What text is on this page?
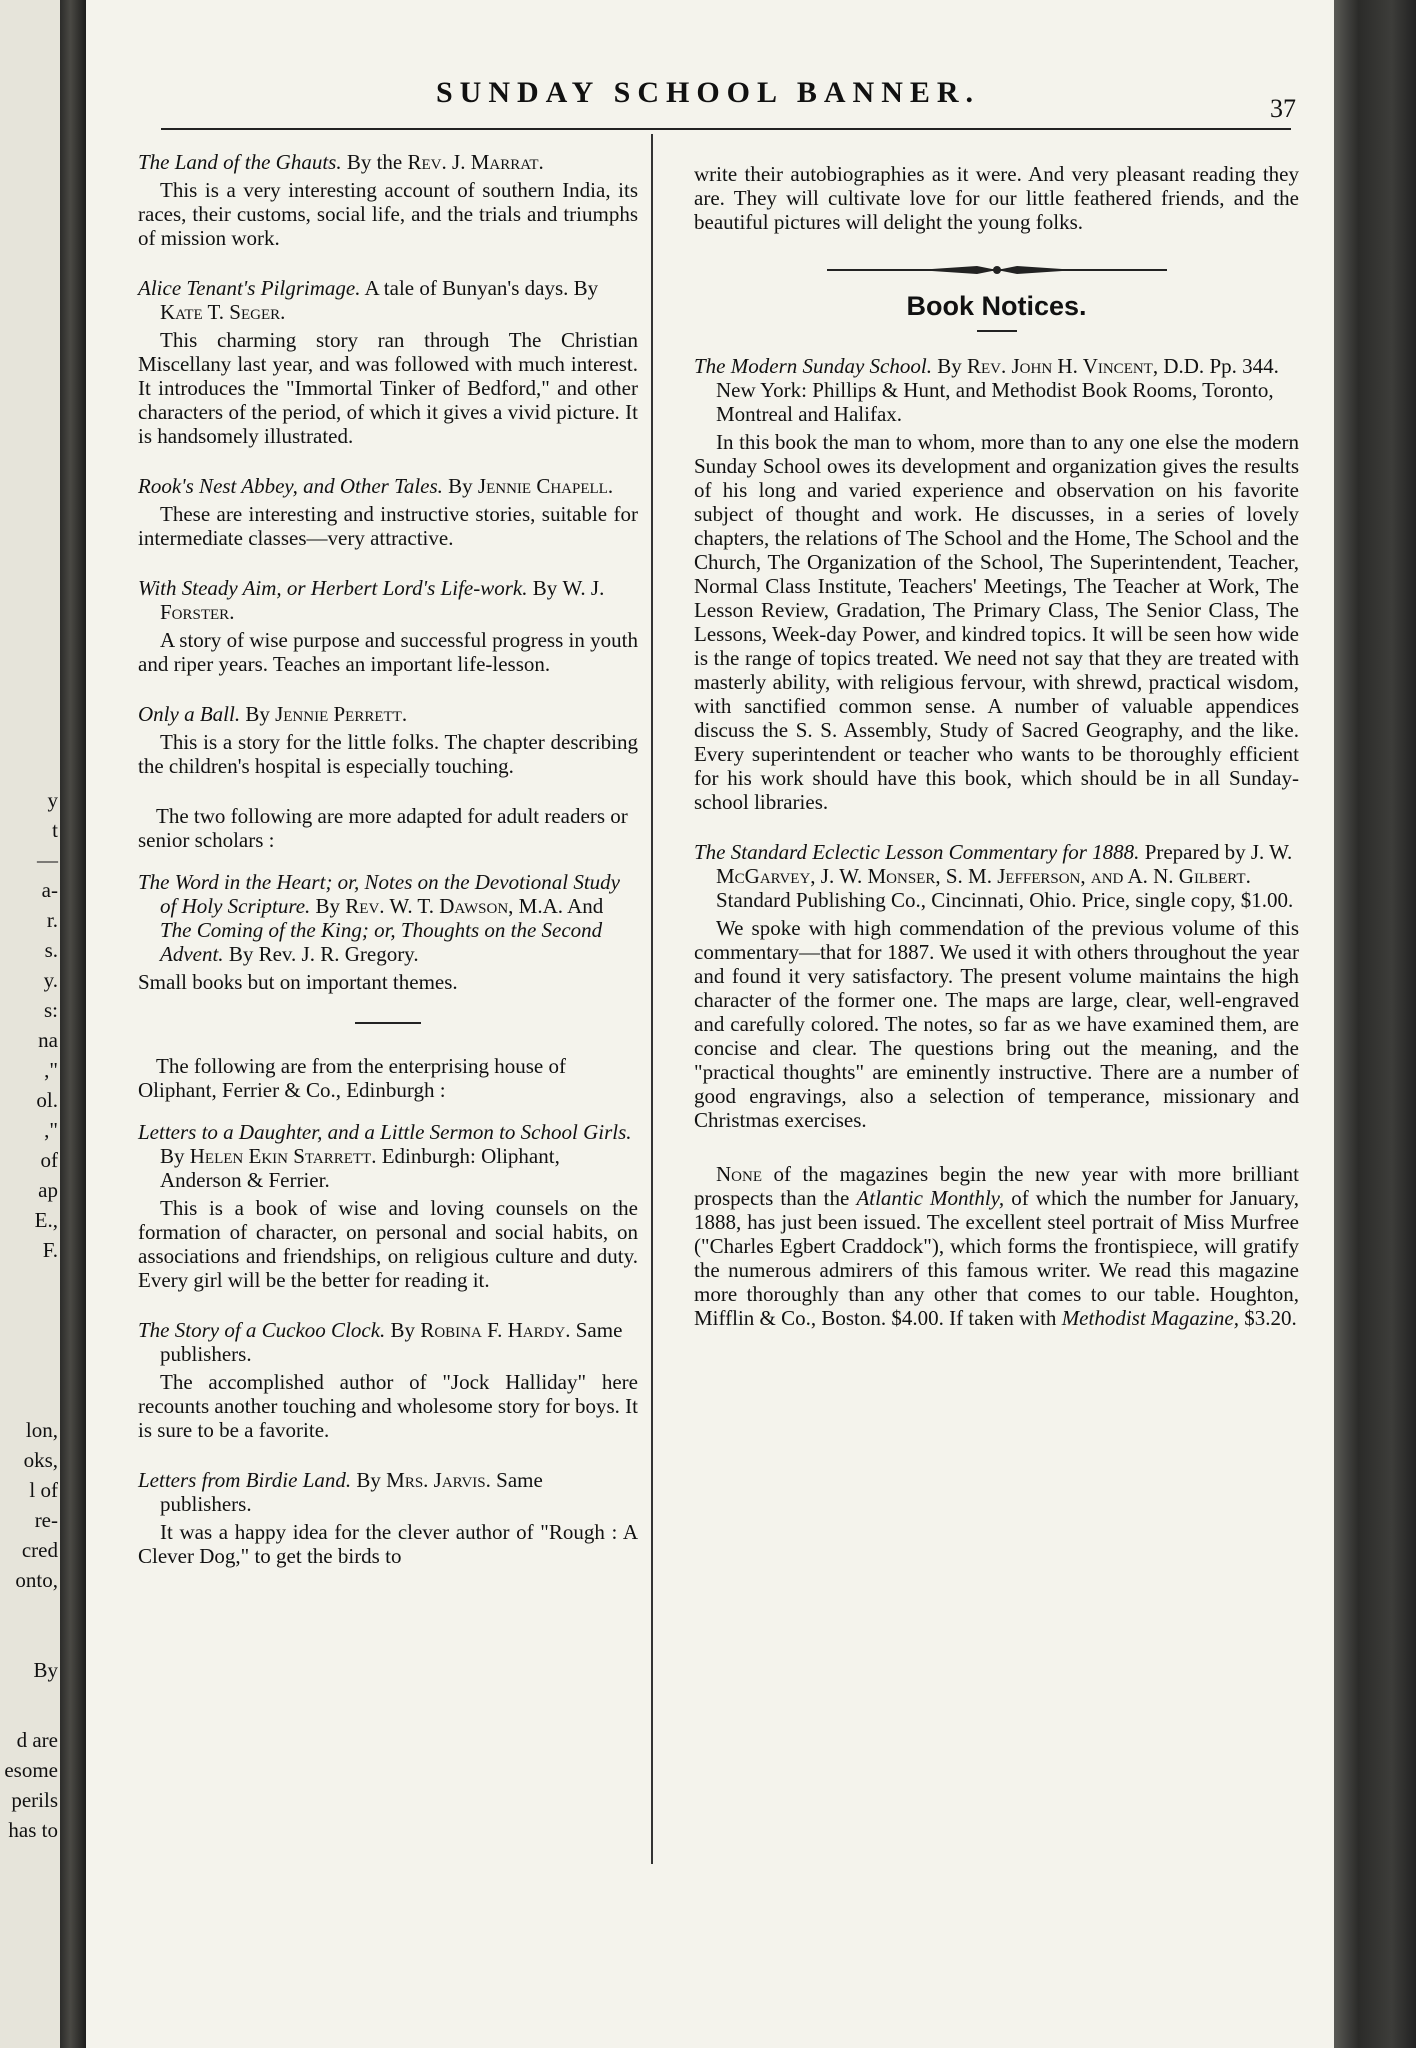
y
t
—
a-
r.
s.
y.
s:
na
,"
ol.
,"
of
ap
E.,
F.
lon,
oks,
l of
re-
cred
onto,
By
d are
esome
perils
has to
SUNDAY SCHOOL BANNER.	37

The Land of the Ghauts. By the Rev. J. Marrat.

This is a very interesting account of southern India, its races, their customs, social life, and the trials and triumphs of mission work.

Alice Tenant's Pilgrimage. A tale of Bunyan's days. By Kate T. Seger.

This charming story ran through The Christian Miscellany last year, and was followed with much interest. It introduces the "Immortal Tinker of Bedford," and other characters of the period, of which it gives a vivid picture. It is handsomely illustrated.

Rook's Nest Abbey, and Other Tales. By Jennie Chapell.

These are interesting and instructive stories, suitable for intermediate classes—very attractive.

With Steady Aim, or Herbert Lord's Life-work. By W. J. Forster.

A story of wise purpose and successful progress in youth and riper years. Teaches an important life-lesson.

Only a Ball. By Jennie Perrett.

This is a story for the little folks. The chapter describing the children's hospital is especially touching.

The two following are more adapted for adult readers or senior scholars :

The Word in the Heart; or, Notes on the Devotional Study of Holy Scripture. By Rev. W. T. Dawson, M.A. And The Coming of the King; or, Thoughts on the Second Advent. By Rev. J. R. Gregory.

Small books but on important themes.

The following are from the enterprising house of Oliphant, Ferrier & Co., Edinburgh :

Letters to a Daughter, and a Little Sermon to School Girls. By Helen Ekin Starrett. Edinburgh: Oliphant, Anderson & Ferrier.

This is a book of wise and loving counsels on the formation of character, on personal and social habits, on associations and friendships, on religious culture and duty. Every girl will be the better for reading it.

The Story of a Cuckoo Clock. By Robina F. Hardy. Same publishers.

The accomplished author of "Jock Halliday" here recounts another touching and wholesome story for boys. It is sure to be a favorite.

Letters from Birdie Land. By Mrs. Jarvis. Same publishers.

It was a happy idea for the clever author of "Rough : A Clever Dog," to get the birds to

write their autobiographies as it were. And very pleasant reading they are. They will cultivate love for our little feathered friends, and the beautiful pictures will delight the young folks.

Book Notices.

The Modern Sunday School. By Rev. John H. Vincent, D.D. Pp. 344. New York: Phillips & Hunt, and Methodist Book Rooms, Toronto, Montreal and Halifax.

In this book the man to whom, more than to any one else the modern Sunday School owes its development and organization gives the results of his long and varied experience and observation on his favorite subject of thought and work. He discusses, in a series of lovely chapters, the relations of The School and the Home, The School and the Church, The Organization of the School, The Superintendent, Teacher, Normal Class Institute, Teachers' Meetings, The Teacher at Work, The Lesson Review, Gradation, The Primary Class, The Senior Class, The Lessons, Week-day Power, and kindred topics. It will be seen how wide is the range of topics treated. We need not say that they are treated with masterly ability, with religious fervour, with shrewd, practical wisdom, with sanctified common sense. A number of valuable appendices discuss the S. S. Assembly, Study of Sacred Geography, and the like. Every superintendent or teacher who wants to be thoroughly efficient for his work should have this book, which should be in all Sunday-school libraries.

The Standard Eclectic Lesson Commentary for 1888. Prepared by J. W. McGarvey, J. W. Monser, S. M. Jefferson, and A. N. Gilbert. Standard Publishing Co., Cincinnati, Ohio. Price, single copy, $1.00.

We spoke with high commendation of the previous volume of this commentary—that for 1887. We used it with others throughout the year and found it very satisfactory. The present volume maintains the high character of the former one. The maps are large, clear, well-engraved and carefully colored. The notes, so far as we have examined them, are concise and clear. The questions bring out the meaning, and the "practical thoughts" are eminently instructive. There are a number of good engravings, also a selection of temperance, missionary and Christmas exercises.

None of the magazines begin the new year with more brilliant prospects than the Atlantic Monthly, of which the number for January, 1888, has just been issued. The excellent steel portrait of Miss Murfree ("Charles Egbert Craddock"), which forms the frontispiece, will gratify the numerous admirers of this famous writer. We read this magazine more thoroughly than any other that comes to our table. Houghton, Mifflin & Co., Boston. $4.00. If taken with Methodist Magazine, $3.20.
